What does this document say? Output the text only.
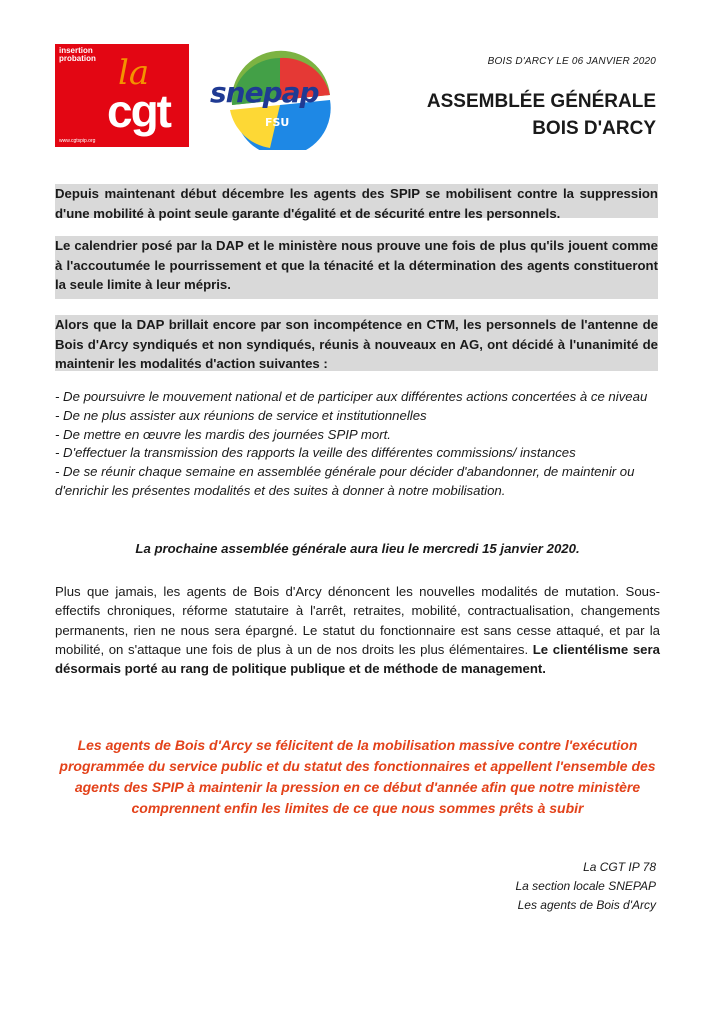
insertion
probation la
cgt
www.cgtspip.org
snepap
FSU
BOIS D'ARCY LE 06 JANVIER 2020
ASSEMBLÉE GÉNÉRALE
BOIS D'ARCY

Depuis maintenant début décembre les agents des SPIP se mobilisent contre la suppression d'une mobilité à point seule garante d'égalité et de sécurité entre les personnels.

Le calendrier posé par la DAP et le ministère nous prouve une fois de plus qu'ils jouent comme à l'accoutumée le pourrissement et que la ténacité et la détermination des agents constitueront la seule limite à leur mépris.

Alors que la DAP brillait encore par son incompétence en CTM, les personnels de l'antenne de Bois d'Arcy syndiqués et non syndiqués, réunis à nouveaux en AG, ont décidé à l'unanimité de maintenir les modalités d'action suivantes :

- De poursuivre le mouvement national et de participer aux différentes actions concertées à ce niveau
- De ne plus assister aux réunions de service et institutionnelles
- De mettre en œuvre les mardis des journées SPIP mort.
- D'effectuer la transmission des rapports la veille des différentes commissions/ instances
- De se réunir chaque semaine en assemblée générale pour décider d'abandonner, de maintenir ou d'enrichir les présentes modalités et des suites à donner à notre mobilisation.
La prochaine assemblée générale aura lieu le mercredi 15 janvier 2020.
Plus que jamais, les agents de Bois d'Arcy dénoncent les nouvelles modalités de mutation. Sous-effectifs chroniques, réforme statutaire à l'arrêt, retraites, mobilité, contractualisation, changements permanents, rien ne nous sera épargné. Le statut du fonctionnaire est sans cesse attaqué, et par la mobilité, on s'attaque une fois de plus à un de nos droits les plus élémentaires. Le clientélisme sera désormais porté au rang de politique publique et de méthode de management.
Les agents de Bois d'Arcy se félicitent de la mobilisation massive contre l'exécution programmée du service public et du statut des fonctionnaires et appellent l'ensemble des agents des SPIP à maintenir la pression en ce début d'année afin que notre ministère comprennent enfin les limites de ce que nous sommes prêts à subir
La CGT IP 78
La section locale SNEPAP
Les agents de Bois d'Arcy
